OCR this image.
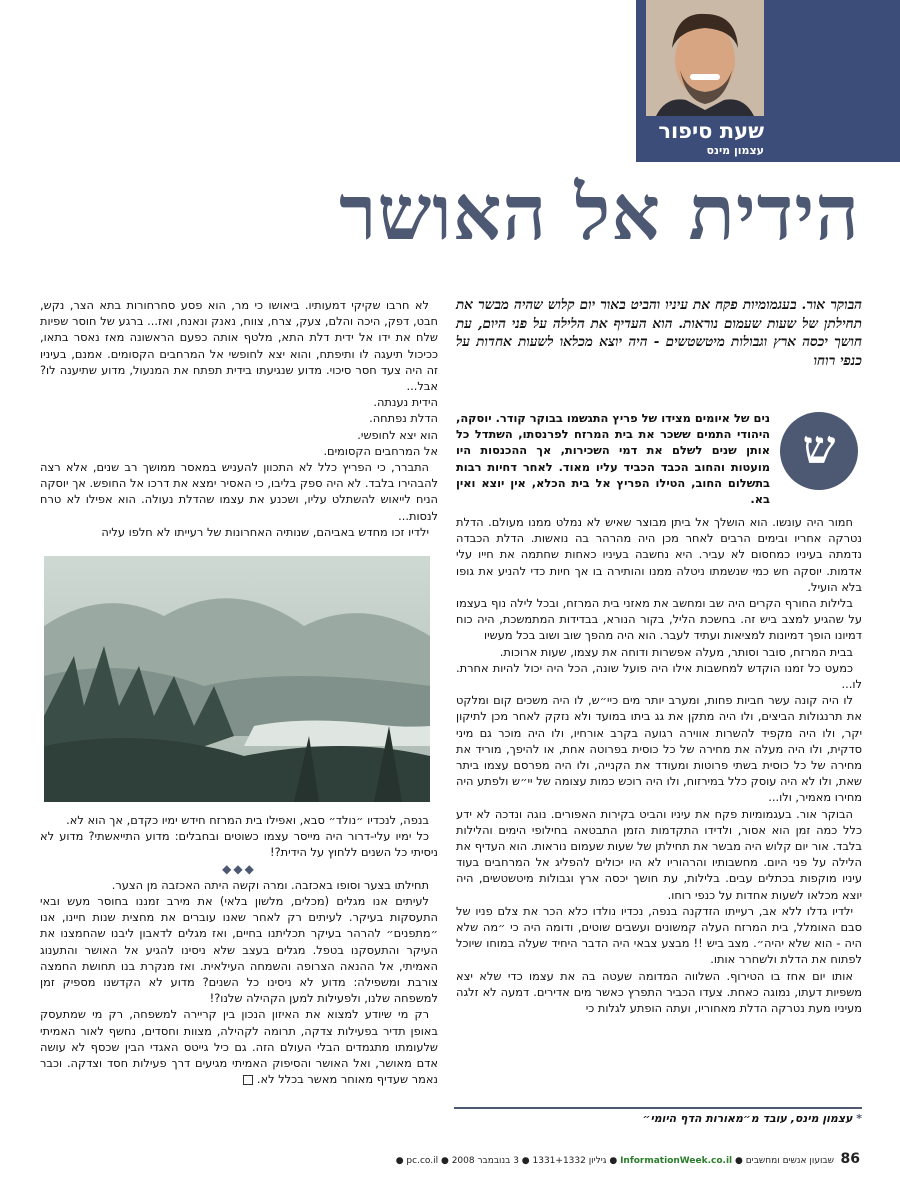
שעת סיפור
עצמון מינס
הידית אל האושר
הבוקר אור. בעגמומיות פקח את עיניו והביט באור יום קלוש שהיה מבשר את תחילתן של שעות שעמום נוראות. הוא העדיף את הלילה על פני היום, עת חושך יכסה ארץ וגבולות מיטשטשים - היה יוצא מכלאו לשעות אחדות על כנפי רוחו
ש
נים של איומים מצידו של פריץ התגשמו בבוקר קודר. יוסקה, היהודי התמים ששכר את בית המרזח לפרנסתו, השתדל כל אותן שנים לשלם את דמי השכירות, אך ההכנסות היו מועטות והחוב הכבד הכביד עליו מאוד. לאחר דחיות רבות בתשלום החוב, הטילו הפריץ אל בית הכלא, אין יוצא ואין בא.

חמור היה עונשו. הוא הושלך אל ביתן מבוצר שאיש לא נמלט ממנו מעולם. הדלת נטרקה אחריו ובימים הרבים לאחר מכן היה מהרהר בה נואשות. הדלת הכבדה נדמתה בעיניו כמחסום לא עביר. היא נחשבה בעיניו כאחות שחתמה את חייו עלי אדמות. יוסקה חש כמי שנשמתו ניטלה ממנו והותירה בו אך חיות כדי להניע את גופו בלא הועיל.

בלילות החורף הקרים היה שב ומחשב את מאזני בית המרזח, ובכל לילה נוף בעצמו על שהגיע למצב ביש זה. בחשכת הליל, בקור הנורא, בבדידות המתמשכת, היה כוח דמיונו הופך דמיונות למציאות ועתיד לעבר. הוא היה מהפך שוב ושוב בכל מעשיו

בבית המרזח, סובר וסותר, מעלה אפשרות ודוחה את עצמו, שעות ארוכות.

כמעט כל זמנו הוקדש למחשבות אילו היה פועל שונה, הכל היה יכול להיות אחרת. לו...

לו היה קונה עשר חביות פחות, ומערב יותר מים כיי״ש, לו היה משכים קום ומלקט את תרנגולות הביצים, ולו היה מתקן את גג ביתו במועד ולא נזקק לאחר מכן לתיקון יקר, ולו היה מקפיד להשרות אווירה רגועה בקרב אורחיו, ולו היה מוכר גם מיני סדקית, ולו היה מעלה את מחירה של כל כוסית בפרוטה אחת, או להיפך, מוריד את מחירה של כל כוסית בשתי פרוטות ומעודד את הקנייה, ולו היה מפרסם עצמו ביתר שאת, ולו לא היה עוסק כלל במירזוח, ולו היה רוכש כמות עצומה של יי״ש ולפתע היה מחירו מאמיר, ולו...

הבוקר אור. בעגמומיות פקח את עיניו והביט בקירות האפורים. נוגה ונדכה לא ידע כלל כמה זמן הוא אסור, ולדידו התקדמות הזמן התבטאה בחילופי הימים והלילות בלבד. אור יום קלוש היה מבשר את תחילתן של שעות שעמום נוראות. הוא העדיף את הלילה על פני היום. מחשבותיו והרהוריו לא היו יכולים להפליג אל המרחבים בעוד עיניו מוקפות בכתלים עבים. בלילות, עת חושך יכסה ארץ וגבולות מיטשטשים, היה יוצא מכלאו לשעות אחדות על כנפי רוחו.

ילדיו גדלו ללא אב, רעייתו הזדקנה בנפה, נכדיו נולדו כלא הכר את צלם פניו של סבם האומלל, בית המרזח העלה קמשונים ועשבים שוטים, ודומה היה כי ״מה שלא היה - הוא שלא יהיה״. מצב ביש !! מבצע צבאי היה הדבר היחיד שעלה במוחו שיוכל לפתוח את הדלת ולשחרר אותו.

אותו יום אחז בו הטירוף. השלווה המדומה שעטה בה את עצמו כדי שלא יצא משפיות דעתו, נמוגה כאחת. צעדו הכביר התפרץ כאשר מים אדירים. דמעה לא זלגה מעיניו מעת נטרקה הדלת מאחוריו, ועתה הופתע לגלות כי

לא חרבו שקיקי דמעותיו. ביאושו כי מר, הוא פסע סחרחורות בתא הצר, נקש, חבט, דפק, היכה והלם, צעק, צרח, צווח, נאנק ונאנח, ואז... ברגע של חוסר שפיות שלח את ידו אל ידית דלת התא, מלטף אותה כפעם הראשונה מאז נאסר בתאו, ככיכול תיעגה לו ותיפתח, והוא יצא לחופשי אל המרחבים הקסומים. אמנם, בעיניו זה היה צעד חסר סיכוי. מדוע שנגיעתו בידית תפתח את המנעול, מדוע שתיענה לו? אבל...

הידית נענתה.

הדלת נפתחה.

הוא יצא לחופשי.

אל המרחבים הקסומים.

התברר, כי הפריץ כלל לא התכוון להעניש במאסר ממושך רב שנים, אלא רצה להבהירו בלבד. לא היה ספק בליבו, כי האסיר ימצא את דרכו אל החופש. אך יוסקה הניח לייאוש להשתלט עליו, ושכנע את עצמו שהדלת נעולה. הוא אפילו לא טרח לנסות...

ילדיו זכו מחדש באביהם, שנותיה האחרונות של רעייתו לא חלפו עליה

בנפה, לנכדיו ״נולד״ סבא, ואפילו בית המרזח חידש ימיו כקדם, אך הוא לא.

כל ימיו עלי-דרור היה מייסר עצמו כשוטים ובחבלים: מדוע התייאשתי? מדוע לא ניסיתי כל השנים ללחוץ על הידית?!

◆◆◆

תחילתו בצער וסופו באכזבה. ומרה וקשה היתה האכזבה מן הצער.

לעיתים אנו מגלים (מכלים, מלשון בלאי) את מירב זמננו בחוסר מעש ובאי התעסקות בעיקר. לעיתים רק לאחר שאנו עוברים את מחצית שנות חיינו, אנו ״מתפנים״ להרהר בעיקר תכליתנו בחיים, ואז מגלים לדאבון ליבנו שהחמצנו את העיקר והתעסקנו בטפל. מגלים בעצב שלא ניסינו להגיע אל האושר והתענוג האמיתי, אל ההנאה הצרופה והשמחה העילאית. ואז מנקרת בנו תחושת החמצה צורבת ומשפילה: מדוע לא ניסינו כל השנים? מדוע לא הקדשנו מספיק זמן למשפחה שלנו, ולפעילות למען הקהילה שלנו?!

רק מי שיודע למצוא את האיזון הנכון בין קריירה למשפחה, רק מי שמתעסק באופן תדיר בפעילות צדקה, תרומה לקהילה, מצוות וחסדים, נחשף לאור האמיתי שלעומתו מתגמדים הבלי העולם הזה. גם כיל גייטס האגדי הבין שכסף לא עושה אדם מאושר, ואל האושר והסיפוק האמיתי מגיעים דרך פעילות חסד וצדקה. וכבר נאמר שעדיף מאוחר מאשר בכלל לא.

* עצמון מינס, עובד מ״מאורות הדף היומי״
86
שבועון אנשים ומחשבים ● InformationWeek.co.il ● גיליון 1331+1332 ● 3 בנובמבר 2008 ● pc.co.il ●
